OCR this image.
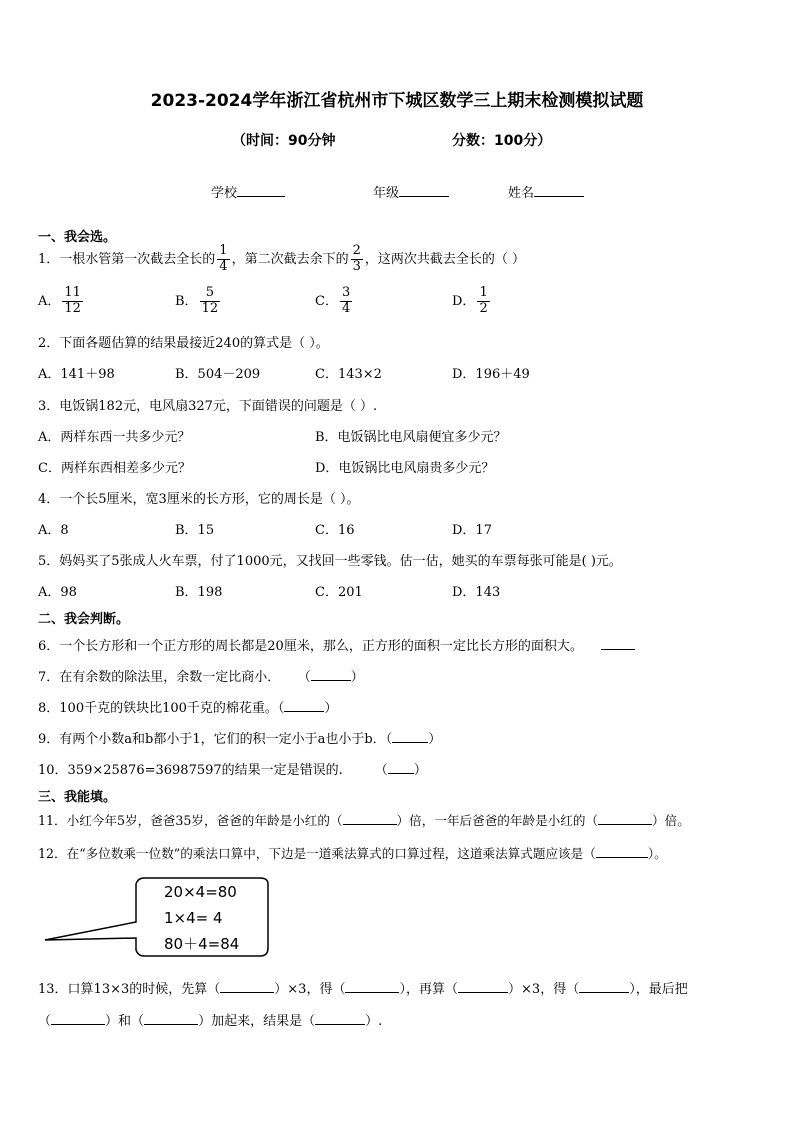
2023-2024学年浙江省杭州市下城区数学三上期末检测模拟试题
（时间：90分钟	分数：100分）
学校	年级	姓名
一、我会选。
1．一根水管第一次截去全长的 $\frac{1}{4}$ ，第二次截去余下的 $\frac{2}{3}$ ，这两次共截去全长的（ ）
A． $\frac{11}{12}$	B． $\frac{5}{12}$	C． $\frac{3}{4}$	D． $\frac{1}{2}$
2．下面各题估算的结果最接近240的算式是（ ）。
A．141＋98	B．504－209	C．143×2	D．196＋49
3．电饭锅182元，电风扇327元，下面错误的问题是（ ）.
A．两样东西一共多少元？	B．电饭锅比电风扇便宜多少元？
C．两样东西相差多少元？	D．电饭锅比电风扇贵多少元？
4．一个长5厘米，宽3厘米的长方形，它的周长是（ ）。
A．8	B．15	C．16	D．17
5．妈妈买了5张成人火车票，付了1000元，又找回一些零钱。估一估，她买的车票每张可能是( )元。
A．98	B．198	C．201	D．143
二、我会判断。
6．一个长方形和一个正方形的周长都是20厘米，那么，正方形的面积一定比长方形的面积大。
7．在有余数的除法里，余数一定比商小． （	）
8．100千克的铁块比100千克的棉花重。（	）
9．有两个小数a和b都小于1，它们的积一定小于a也小于b．（	）
10．359×25876=36987597的结果一定是错误的. （ ）
三、我能填。
11．小红今年5岁，爸爸35岁，爸爸的年龄是小红的（	）倍，一年后爸爸的年龄是小红的（	）倍。
12．在“多位数乘一位数”的乘法口算中，下边是一道乘法算式的口算过程，这道乘法算式题应该是（	）。
20×4=80
1×4= 4
80＋4=84
13．口算13×3的时候，先算（	）×3，得（	），再算（	）×3，得（	），最后把
（	）和（	）加起来，结果是（	）.
